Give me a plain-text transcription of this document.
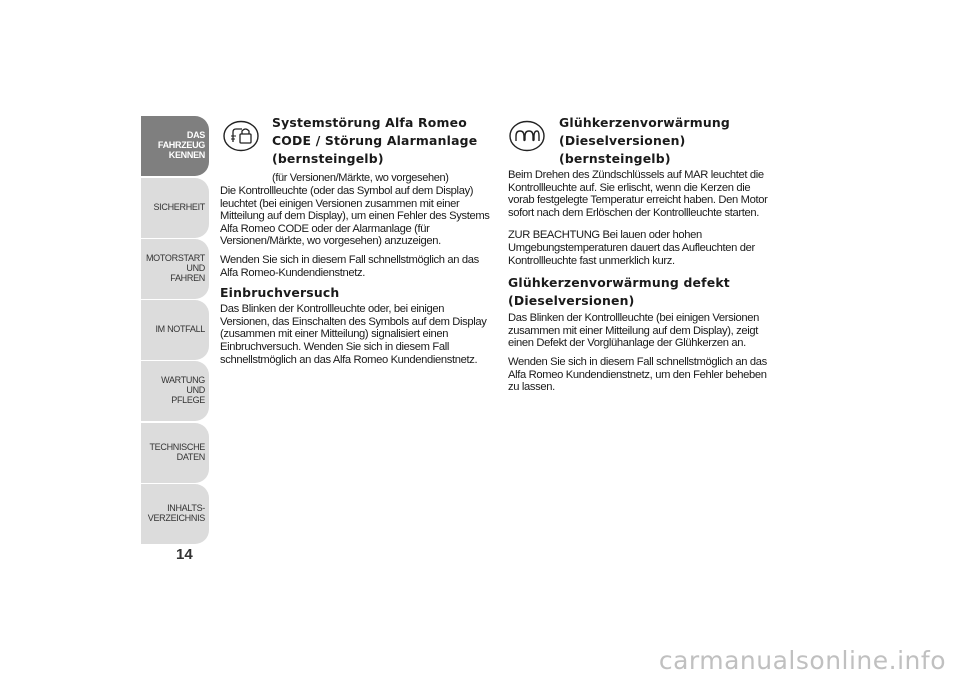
DAS FAHRZEUG
KENNEN
SICHERHEIT
MOTORSTART UND
FAHREN
IM NOTFALL
WARTUNG UND
PFLEGE
TECHNISCHE DATEN
INHALTS-
VERZEICHNIS
14

Systemstörung Alfa Romeo

CODE / Störung Alarmanlage

(bernsteingelb)

(für Versionen/Märkte, wo vorgesehen)

Die Kontrollleuchte (oder das Symbol auf dem Display) leuchtet (bei einigen Versionen zusammen mit einer Mitteilung auf dem Display), um einen Fehler des Systems Alfa Romeo CODE oder der Alarmanlage (für Versionen/Märkte, wo vorgesehen) anzuzeigen.

Wenden Sie sich in diesem Fall schnellstmöglich an das Alfa Romeo-Kundendienstnetz.

Einbruchversuch

Das Blinken der Kontrollleuchte oder, bei einigen Versionen, das Einschalten des Symbols auf dem Display (zusammen mit einer Mitteilung) signalisiert einen Einbruchversuch. Wenden Sie sich in diesem Fall schnellstmöglich an das Alfa Romeo Kundendienstnetz.

Glühkerzenvorwärmung

(Dieselversionen)

(bernsteingelb)

Beim Drehen des Zündschlüssels auf MAR leuchtet die Kontrollleuchte auf. Sie erlischt, wenn die Kerzen die vorab festgelegte Temperatur erreicht haben. Den Motor sofort nach dem Erlöschen der Kontrollleuchte starten.

ZUR BEACHTUNG Bei lauen oder hohen Umgebungstemperaturen dauert das Aufleuchten der Kontrollleuchte fast unmerklich kurz.

Glühkerzenvorwärmung defekt

(Dieselversionen)

Das Blinken der Kontrollleuchte (bei einigen Versionen zusammen mit einer Mitteilung auf dem Display), zeigt einen Defekt der Vorglühanlage der Glühkerzen an.

Wenden Sie sich in diesem Fall schnellstmöglich an das Alfa Romeo Kundendienstnetz, um den Fehler beheben zu lassen.

carmanualsonline.info
